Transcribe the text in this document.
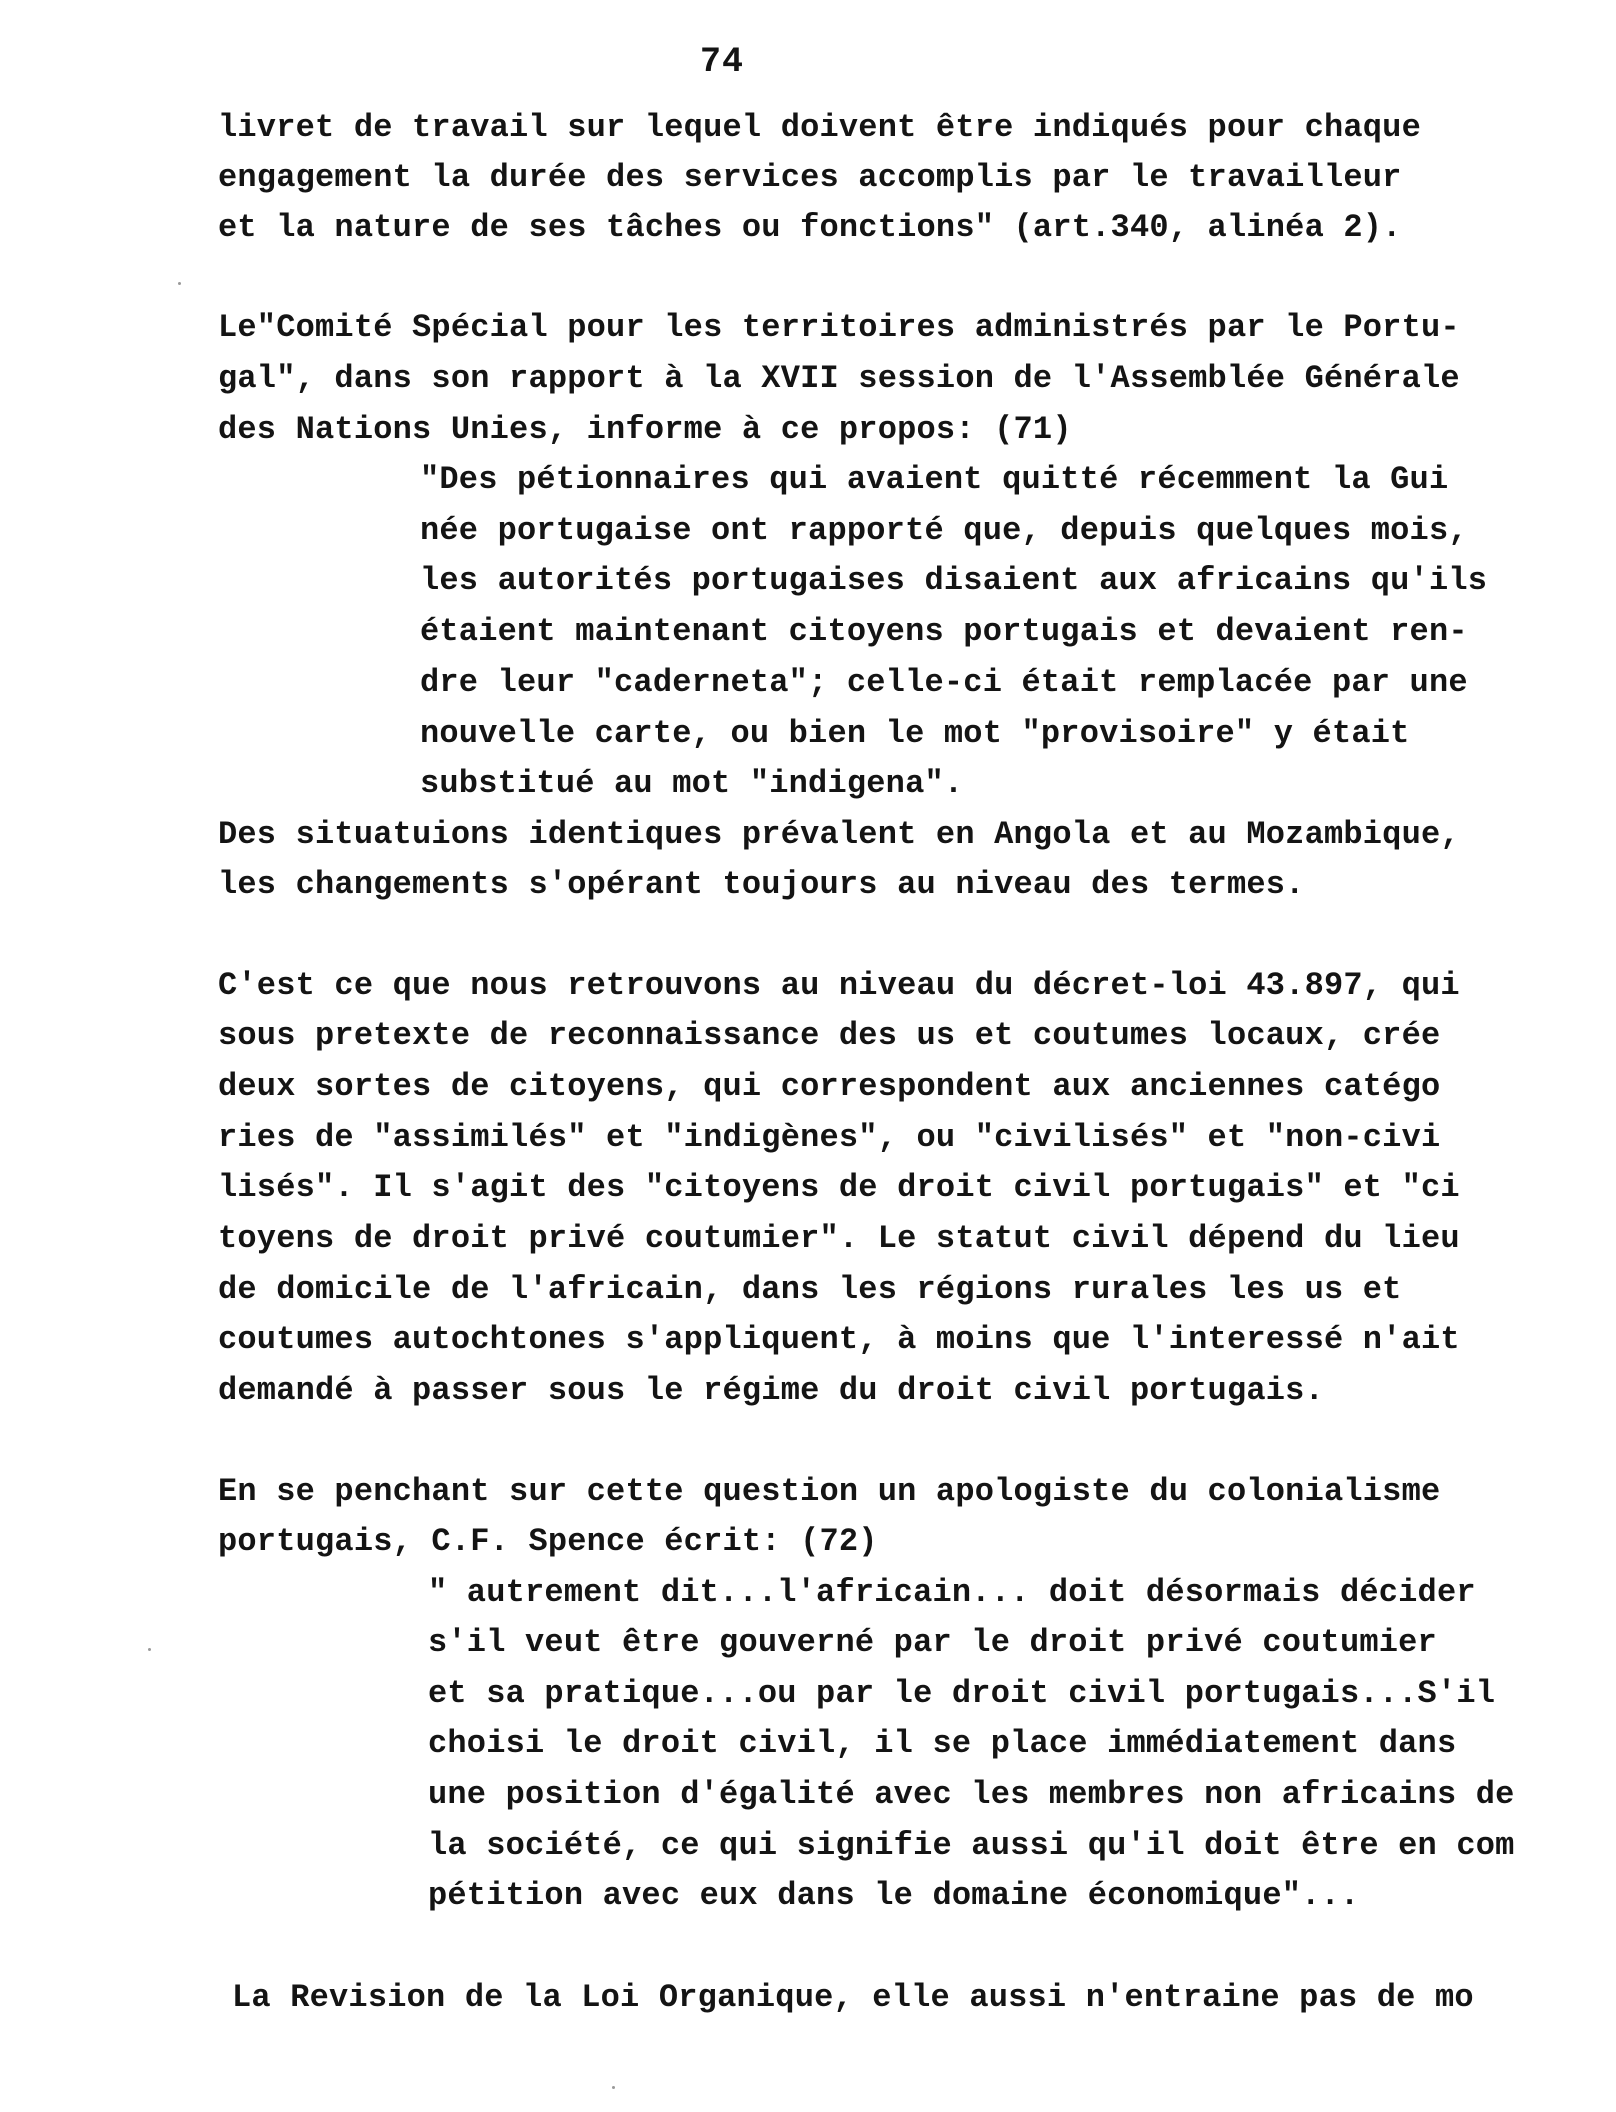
74
livret de travail sur lequel doivent être indiqués pour chaque
engagement la durée des services accomplis par le travailleur
et la nature de ses tâches ou fonctions" (art.340, alinéa 2).
Le"Comité Spécial pour les territoires administrés par le Portu-
gal", dans son rapport à la XVII session de l'Assemblée Générale
des Nations Unies, informe à ce propos: (71)
"Des pétionnaires qui avaient quitté récemment la Gui
née portugaise ont rapporté que, depuis quelques mois,
les autorités portugaises disaient aux africains qu'ils
étaient maintenant citoyens portugais et devaient ren-
dre leur "caderneta"; celle-ci était remplacée par une
nouvelle carte, ou bien le mot "provisoire" y était
substitué au mot "indigena".
Des situatuions identiques prévalent en Angola et au Mozambique,
les changements s'opérant toujours au niveau des termes.
C'est ce que nous retrouvons au niveau du décret-loi 43.897, qui
sous pretexte de reconnaissance des us et coutumes locaux, crée
deux sortes de citoyens, qui correspondent aux anciennes catégo
ries de "assimilés" et "indigènes", ou "civilisés" et "non-civi
lisés". Il s'agit des "citoyens de droit civil portugais" et "ci
toyens de droit privé coutumier". Le statut civil dépend du lieu
de domicile de l'africain, dans les régions rurales les us et
coutumes autochtones s'appliquent, à moins que l'interessé n'ait
demandé à passer sous le régime du droit civil portugais.
En se penchant sur cette question un apologiste du colonialisme
portugais, C.F. Spence écrit: (72)
" autrement dit...l'africain... doit désormais décider
s'il veut être gouverné par le droit privé coutumier
et sa pratique...ou par le droit civil portugais...S'il
choisi le droit civil, il se place immédiatement dans
une position d'égalité avec les membres non africains de
la société, ce qui signifie aussi qu'il doit être en com
pétition avec eux dans le domaine économique"...
La Revision de la Loi Organique, elle aussi n'entraine pas de mo
